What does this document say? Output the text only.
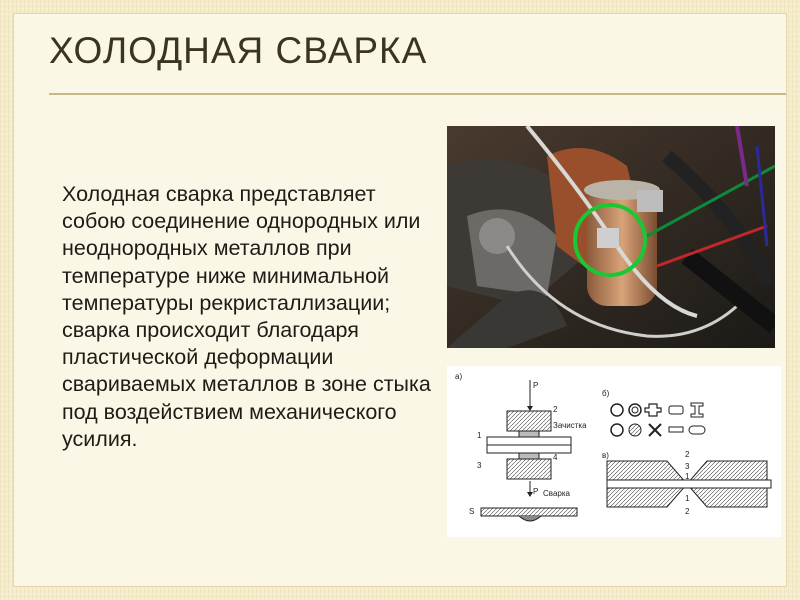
ХОЛОДНАЯ СВАРКА
Холодная сварка представляет собою соединение однородных или неоднородных металлов при температуре ниже минимальной температуры рекристаллизации; сварка происходит благодаря пластической деформации свариваемых металлов в зоне стыка под воздействием механического усилия.
а)
P
2
Зачистка
1
3
4
P Сварка
S
б)
в)	2
3
1
1
2
